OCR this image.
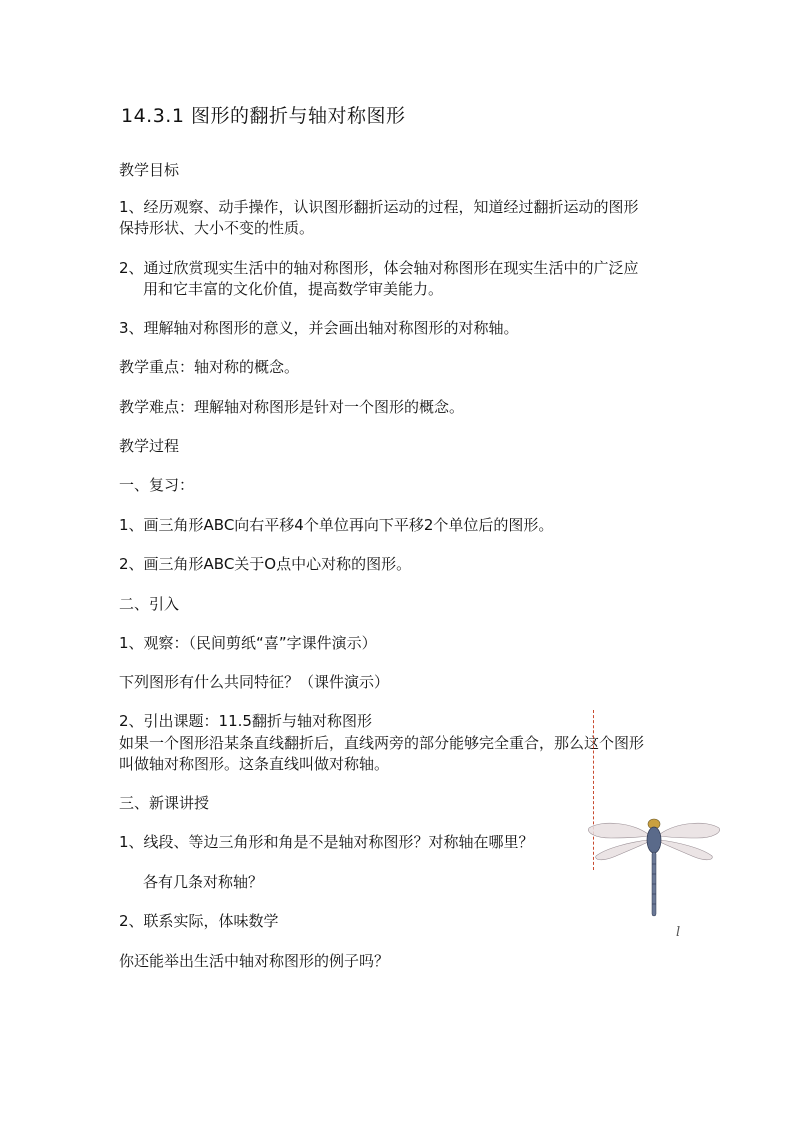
14.3.1 图形的翻折与轴对称图形
教学目标
1、经历观察、动手操作，认识图形翻折运动的过程，知道经过翻折运动的图形
保持形状、大小不变的性质。
2、通过欣赏现实生活中的轴对称图形，体会轴对称图形在现实生活中的广泛应
用和它丰富的文化价值，提高数学审美能力。
3、理解轴对称图形的意义，并会画出轴对称图形的对称轴。
教学重点：轴对称的概念。
教学难点：理解轴对称图形是针对一个图形的概念。
教学过程
一、复习：
1、画三角形ABC向右平移4个单位再向下平移2个单位后的图形。
2、画三角形ABC关于O点中心对称的图形。
二、引入
1、观察：（民间剪纸“喜”字课件演示）
下列图形有什么共同特征？（课件演示）
2、引出课题：11.5翻折与轴对称图形
如果一个图形沿某条直线翻折后，直线两旁的部分能够完全重合，那么这个图形
叫做轴对称图形。这条直线叫做对称轴。
三、新课讲授
1、线段、等边三角形和角是不是轴对称图形？对称轴在哪里？
各有几条对称轴？
2、联系实际，体味数学
你还能举出生活中轴对称图形的例子吗？
l
